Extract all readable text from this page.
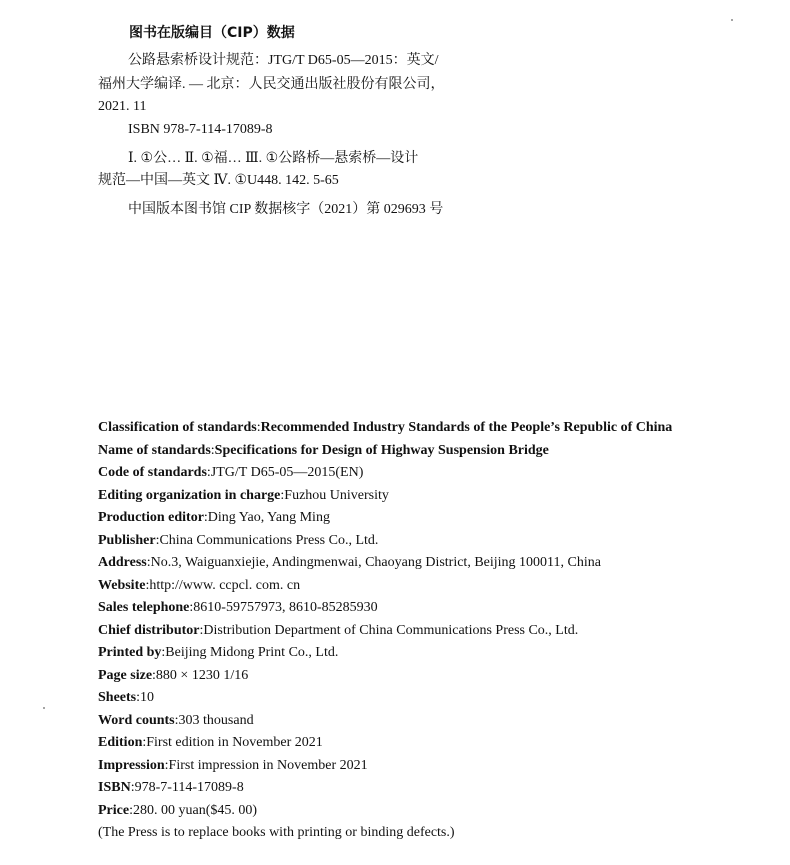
图书在版编目（CIP）数据
公路悬索桥设计规范：JTG/T D65-05—2015：英文/
福州大学编译. — 北京：人民交通出版社股份有限公司，
2021. 11
ISBN 978-7-114-17089-8
Ⅰ. ①公… Ⅱ. ①福… Ⅲ. ①公路桥—悬索桥—设计
规范—中国—英文 Ⅳ. ①U448. 142. 5-65
中国版本图书馆 CIP 数据核字（2021）第 029693 号
Classification of standards:Recommended Industry Standards of the People’s Republic of China
Name of standards:Specifications for Design of Highway Suspension Bridge
Code of standards:JTG/T D65-05—2015(EN)
Editing organization in charge:Fuzhou University
Production editor:Ding Yao, Yang Ming
Publisher:China Communications Press Co., Ltd.
Address:No.3, Waiguanxiejie, Andingmenwai, Chaoyang District, Beijing 100011, China
Website:http://www. ccpcl. com. cn
Sales telephone:8610-59757973, 8610-85285930
Chief distributor:Distribution Department of China Communications Press Co., Ltd.
Printed by:Beijing Midong Print Co., Ltd.
Page size:880 × 1230 1/16
Sheets:10
Word counts:303 thousand
Edition:First edition in November 2021
Impression:First impression in November 2021
ISBN:978-7-114-17089-8
Price:280. 00 yuan($45. 00)
(The Press is to replace books with printing or binding defects.)
